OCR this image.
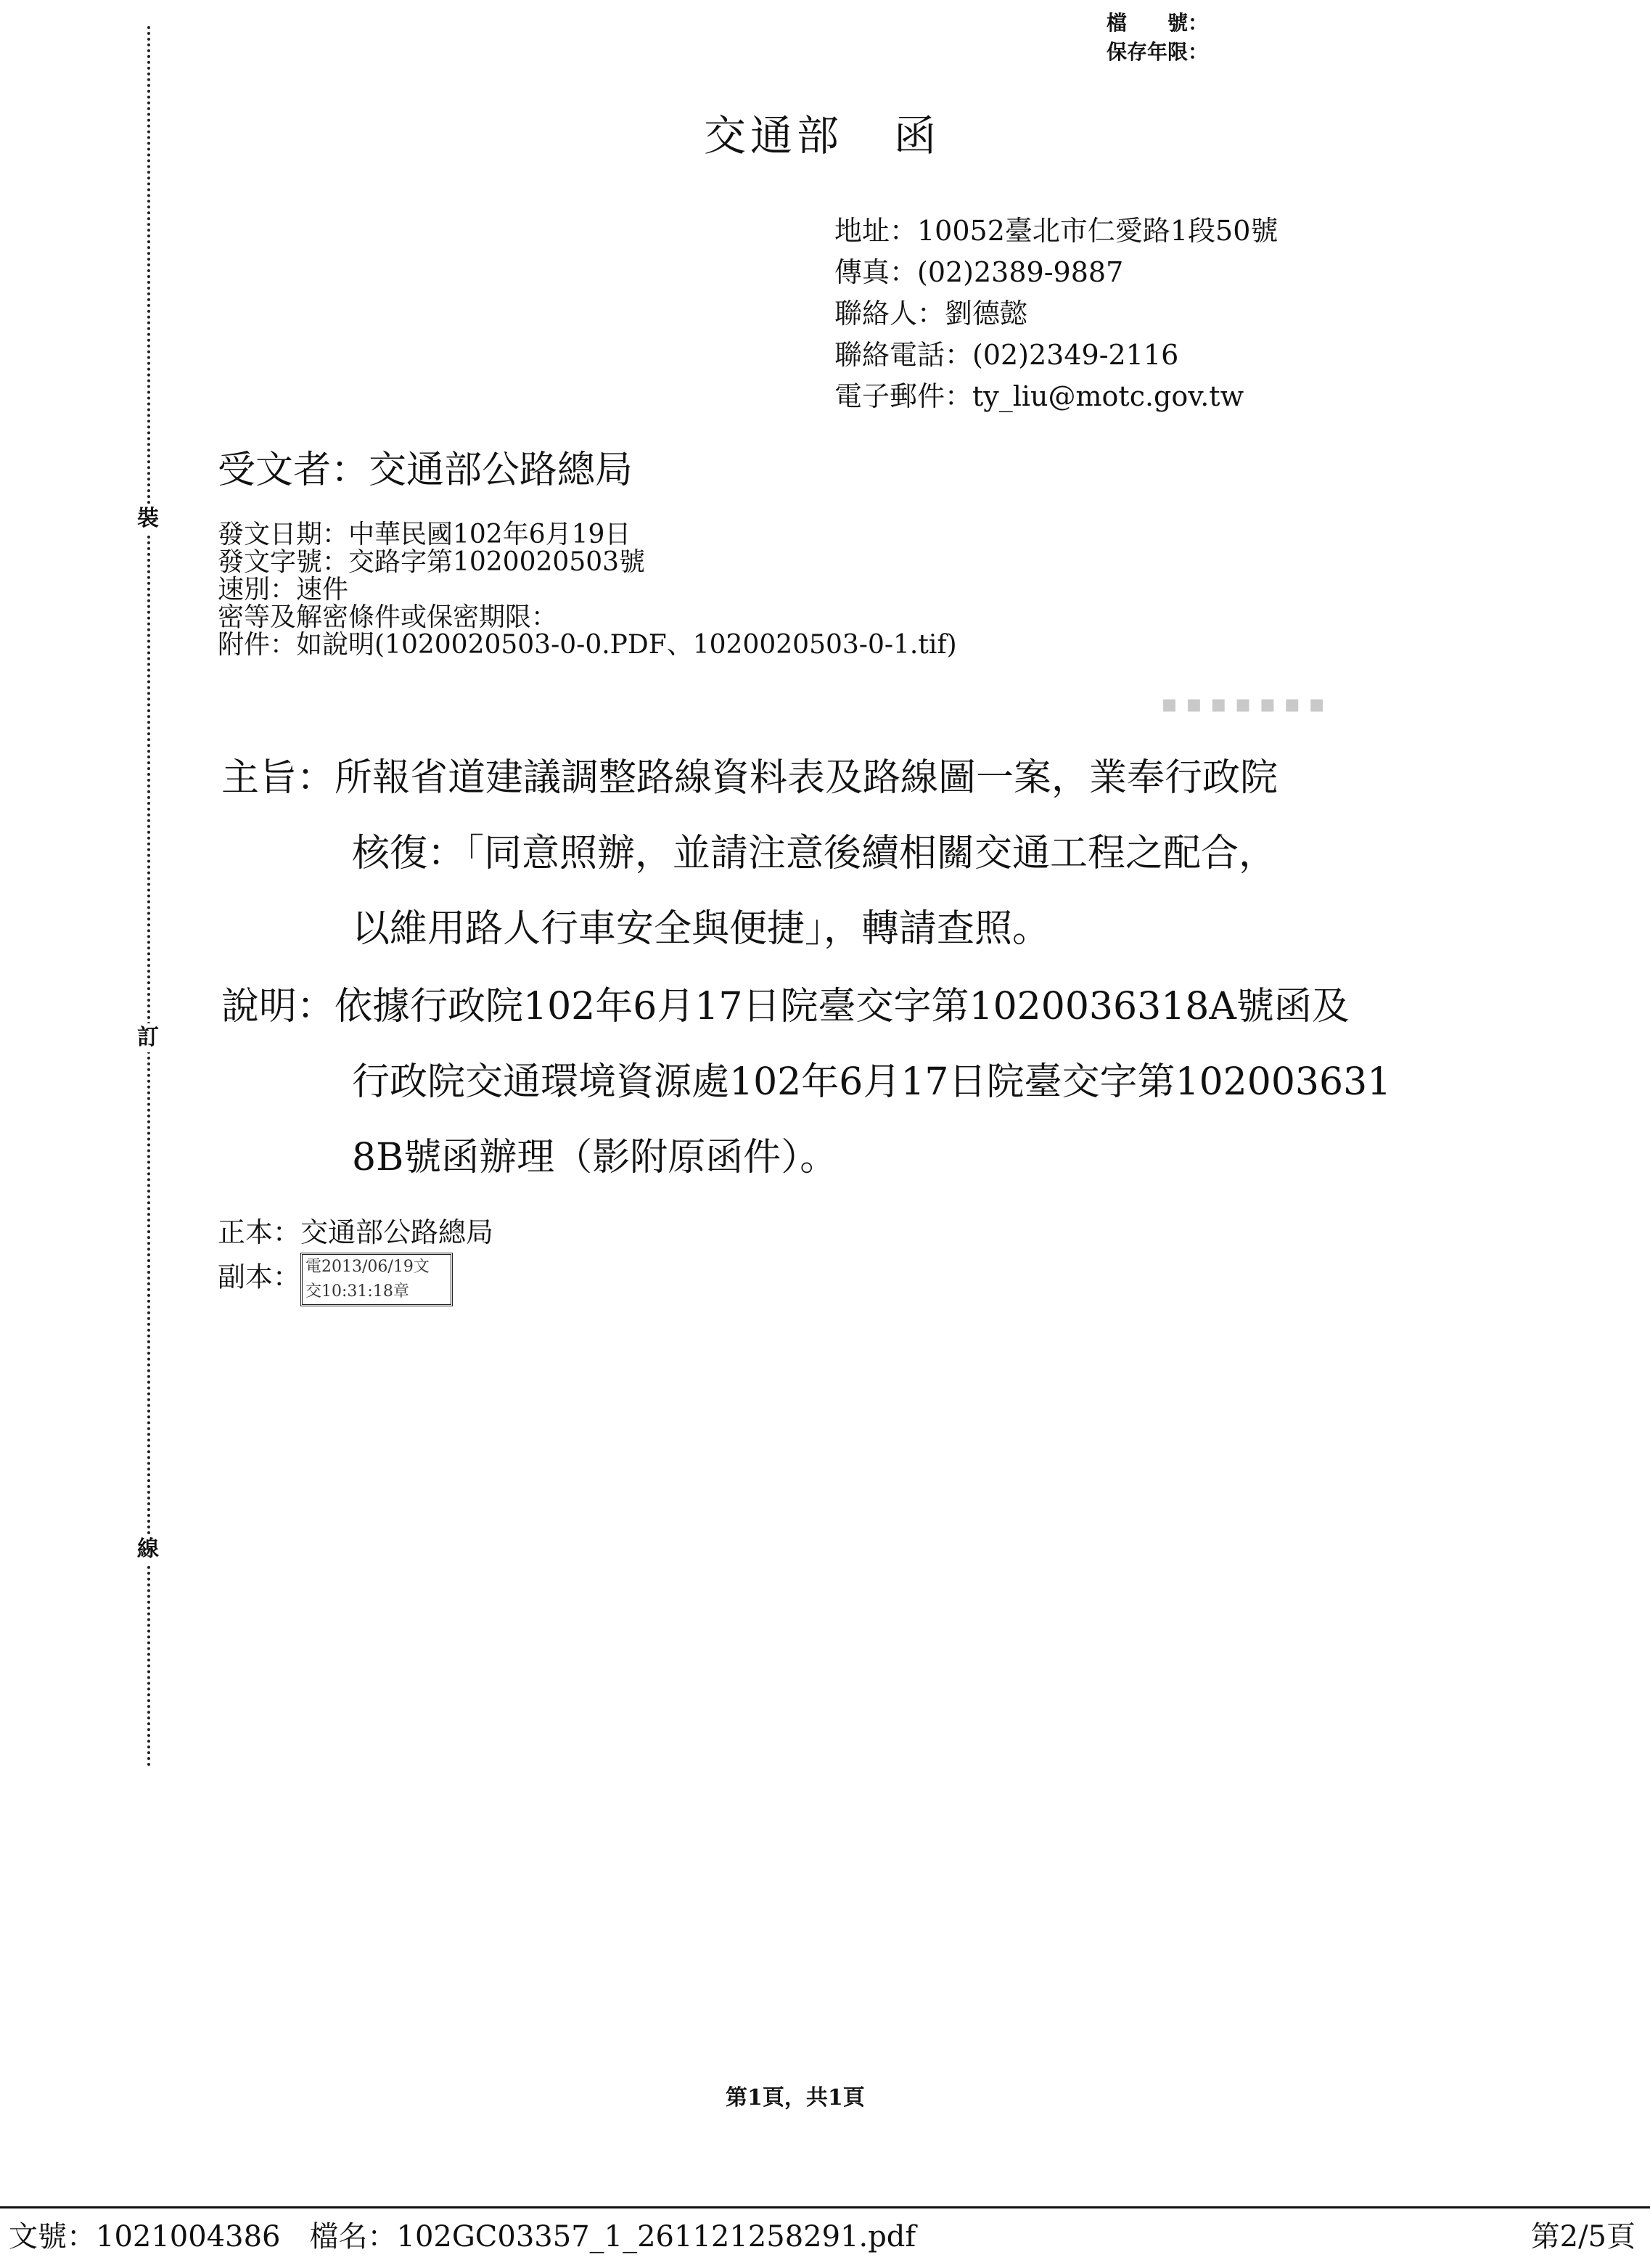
裝
訂
線
▪ ▪ ▪ ▪ ▪ ▪ ▪
檔　　號：
保存年限：
交通部 函
地址：10052臺北市仁愛路1段50號
傳真：(02)2389-9887
聯絡人：劉德懿
聯絡電話：(02)2349-2116
電子郵件：ty_liu@motc.gov.tw
受文者：交通部公路總局
發文日期：中華民國102年6月19日
發文字號：交路字第1020020503號
速別：速件
密等及解密條件或保密期限：
附件：如說明(1020020503-0-0.PDF、1020020503-0-1.tif)
主旨：所報省道建議調整路線資料表及路線圖一案，業奉行政院
核復：「同意照辦，並請注意後續相關交通工程之配合，
以維用路人行車安全與便捷」，轉請查照。
說明：依據行政院102年6月17日院臺交字第1020036318A號函及
行政院交通環境資源處102年6月17日院臺交字第102003631
8B號函辦理（影附原函件）。
正本：交通部公路總局
副本： 電2013/06/19文
交10:31:18章
第1頁，共1頁
文號：1021004386 檔名：102GC03357_1_261121258291.pdf	第2/5頁
